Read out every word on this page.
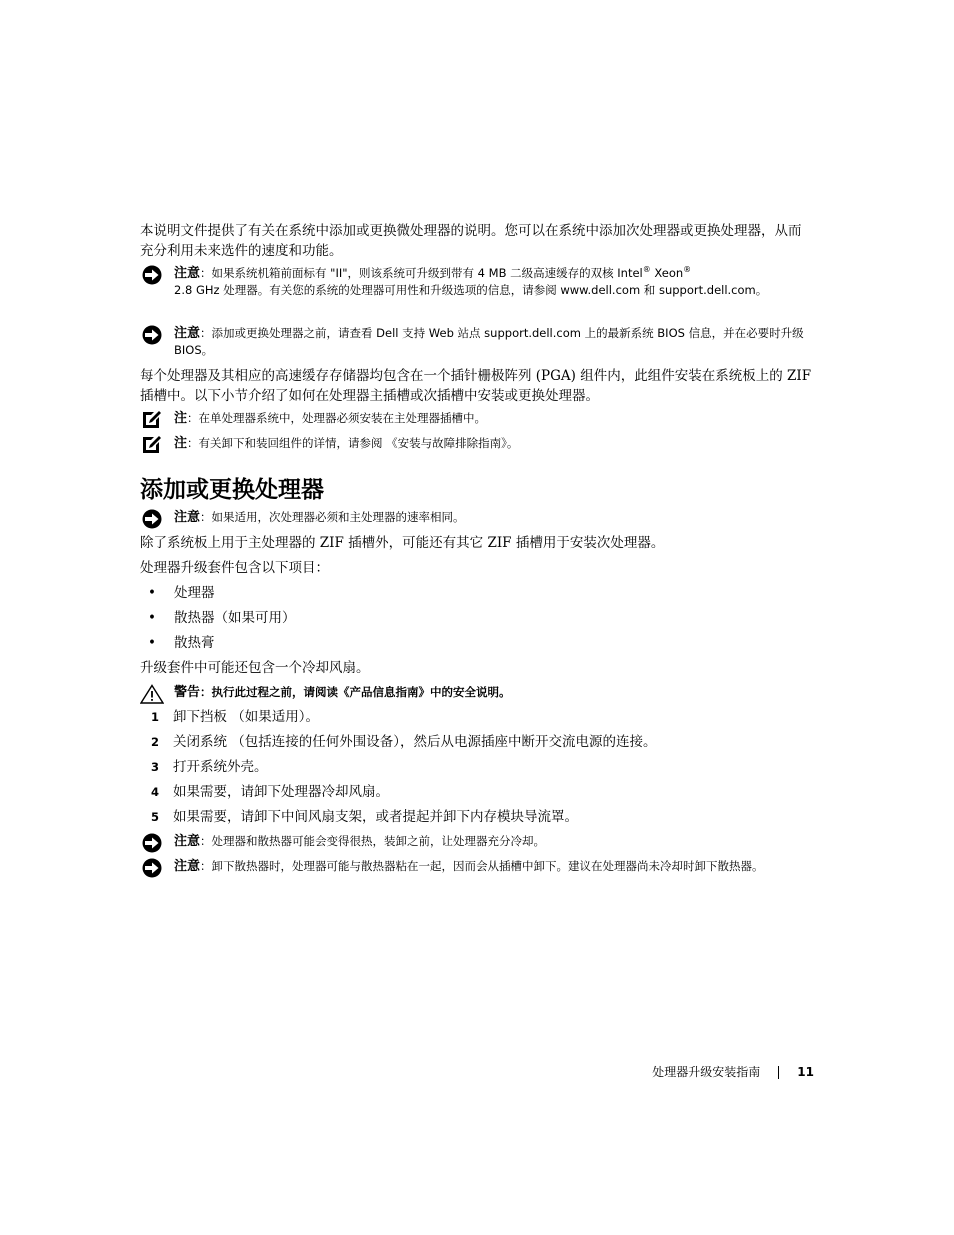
本说明文件提供了有关在系统中添加或更换微处理器的说明。您可以在系统中添加次处理器或更换处理器，从而充分利用未来选件的速度和功能。

注意：如果系统机箱前面标有 "II"，则该系统可升级到带有 4 MB 二级高速缓存的双核 Intel® Xeon®
2.8 GHz 处理器。有关您的系统的处理器可用性和升级选项的信息，请参阅 www.dell.com 和 support.dell.com。
注意：添加或更换处理器之前，请查看 Dell 支持 Web 站点 support.dell.com 上的最新系统 BIOS 信息，并在必要时升级 BIOS。

每个处理器及其相应的高速缓存存储器均包含在一个插针栅极阵列 (PGA) 组件内，此组件安装在系统板上的 ZIF 插槽中。以下小节介绍了如何在处理器主插槽或次插槽中安装或更换处理器。

注：在单处理器系统中，处理器必须安装在主处理器插槽中。
注：有关卸下和装回组件的详情，请参阅 《安装与故障排除指南》。
添加或更换处理器
注意：如果适用，次处理器必须和主处理器的速率相同。

除了系统板上用于主处理器的 ZIF 插槽外，可能还有其它 ZIF 插槽用于安装次处理器。

处理器升级套件包含以下项目：

• 处理器
• 散热器（如果可用）
• 散热膏

升级套件中可能还包含一个冷却风扇。

警告：执行此过程之前，请阅读《产品信息指南》中的安全说明。
1 卸下挡板 （如果适用）。
2 关闭系统 （包括连接的任何外围设备），然后从电源插座中断开交流电源的连接。
3 打开系统外壳。
4 如果需要，请卸下处理器冷却风扇。
5 如果需要，请卸下中间风扇支架，或者提起并卸下内存模块导流罩。
注意：处理器和散热器可能会变得很热，装卸之前，让处理器充分冷却。
注意：卸下散热器时，处理器可能与散热器粘在一起，因而会从插槽中卸下。建议在处理器尚未冷却时卸下散热器。
处理器升级安装指南	11
